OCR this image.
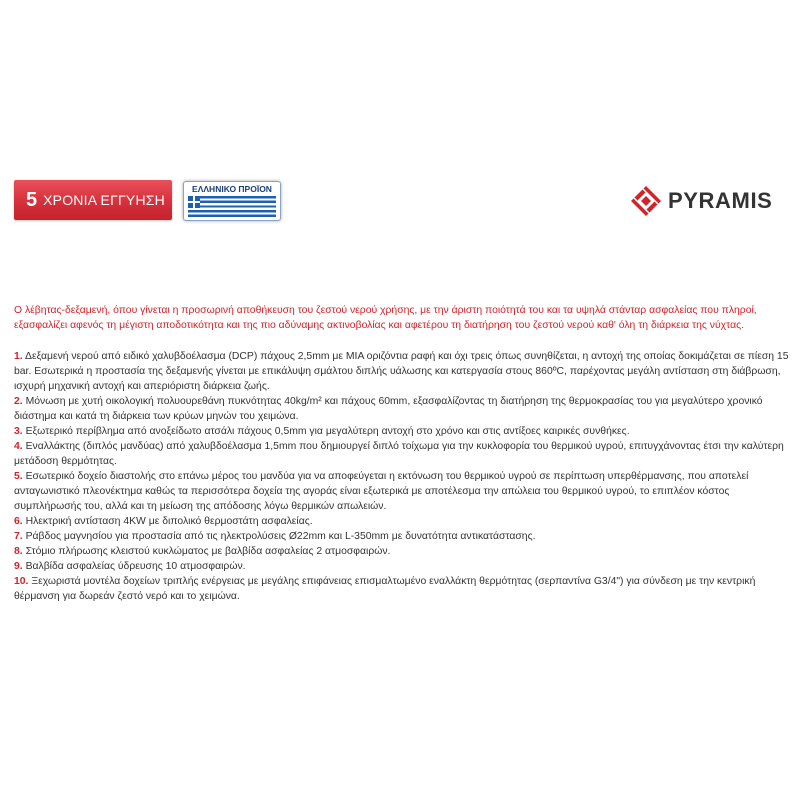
5 ΧΡΟΝΙΑ ΕΓΓΥΗΣΗ
ΕΛΛΗΝΙΚΟ ΠΡΟΪΟΝ	PYRAMIS

Ο λέβητας-δεξαμενή, όπου γίνεται η προσωρινή αποθήκευση του ζεστού νερού χρήσης, με την άριστη ποιότητά του και τα υψηλά στάνταρ ασφαλείας που πληροί, εξασφαλίζει αφενός τη μέγιστη αποδοτικότητα και της πιο αδύναμης ακτινοβολίας και αφετέρου τη διατήρηση του ζεστού νερού καθ' όλη τη διάρκεια της νύχτας.

1. Δεξαμενή νερού από ειδικό χαλυβδοέλασμα (DCP) πάχους 2,5mm με ΜΙΑ οριζόντια ραφή και όχι τρεις όπως συνηθίζεται, η αντοχή της οποίας δοκιμάζεται σε πίεση 15 bar. Εσωτερικά η προστασία της δεξαμενής γίνεται με επικάλυψη σμάλτου διπλής υάλωσης και κατεργασία στους 860ºC, παρέχοντας μεγάλη αντίσταση στη διάβρωση, ισχυρή μηχανική αντοχή και απεριόριστη διάρκεια ζωής.

2. Μόνωση με χυτή οικολογική πολυουρεθάνη πυκνότητας 40kg/m² και πάχους 60mm, εξασφαλίζοντας τη διατήρηση της θερμοκρασίας του για μεγαλύτερο χρονικό διάστημα και κατά τη διάρκεια των κρύων μηνών του χειμώνα.

3. Εξωτερικό περίβλημα από ανοξείδωτο ατσάλι πάχους 0,5mm για μεγαλύτερη αντοχή στο χρόνο και στις αντίξοες καιρικές συνθήκες.

4. Εναλλάκτης (διπλός μανδύας) από χαλυβδοέλασμα 1,5mm που δημιουργεί διπλό τοίχωμα για την κυκλοφορία του θερμικού υγρού, επιτυγχάνοντας έτσι την καλύτερη μετάδοση θερμότητας.

5. Εσωτερικό δοχείο διαστολής στο επάνω μέρος του μανδύα για να αποφεύγεται η εκτόνωση του θερμικού υγρού σε περίπτωση υπερθέρμανσης, που αποτελεί ανταγωνιστικό πλεονέκτημα καθώς τα περισσότερα δοχεία της αγοράς είναι εξωτερικά με αποτέλεσμα την απώλεια του θερμικού υγρού, το επιπλέον κόστος συμπλήρωσής του, αλλά και τη μείωση της απόδοσης λόγω θερμικών απωλειών.

6. Ηλεκτρική αντίσταση 4KW με διπολικό θερμοστάτη ασφαλείας.

7. Ράβδος μαγνησίου για προστασία από τις ηλεκτρολύσεις Ø22mm και L-350mm με δυνατότητα αντικατάστασης.

8. Στόμιο πλήρωσης κλειστού κυκλώματος με βαλβίδα ασφαλείας 2 ατμοσφαιρών.

9. Βαλβίδα ασφαλείας ύδρευσης 10 ατμοσφαιρών.

10. Ξεχωριστά μοντέλα δοχείων τριπλής ενέργειας με μεγάλης επιφάνειας επισμαλτωμένο εναλλάκτη θερμότητας (σερπαντίνα G3/4") για σύνδεση με την κεντρική θέρμανση για δωρεάν ζεστό νερό και το χειμώνα.
